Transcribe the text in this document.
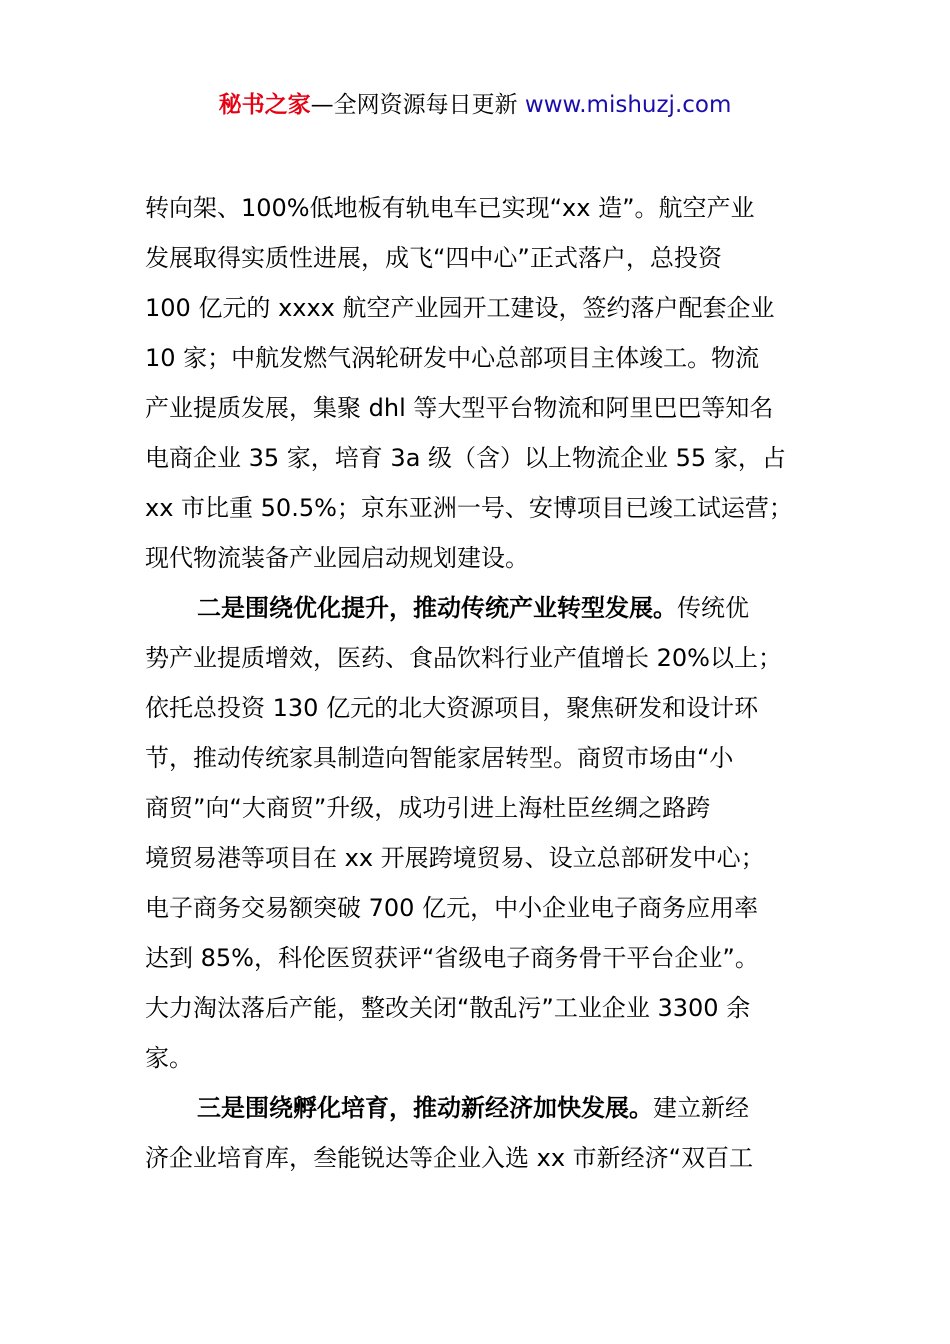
秘书之家—全网资源每日更新 www.mishuzj.com
转向架、100%低地板有轨电车已实现“xx 造”。航空产业
发展取得实质性进展，成飞“四中心”正式落户，总投资
100 亿元的 xxxx 航空产业园开工建设，签约落户配套企业
10 家；中航发燃气涡轮研发中心总部项目主体竣工。物流
产业提质发展，集聚 dhl 等大型平台物流和阿里巴巴等知名
电商企业 35 家，培育 3a 级（含）以上物流企业 55 家，占
xx 市比重 50.5%；京东亚洲一号、安博项目已竣工试运营；
现代物流装备产业园启动规划建设。
二是围绕优化提升，推动传统产业转型发展。传统优
势产业提质增效，医药、食品饮料行业产值增长 20%以上；
依托总投资 130 亿元的北大资源项目，聚焦研发和设计环
节，推动传统家具制造向智能家居转型。商贸市场由“小
商贸”向“大商贸”升级，成功引进上海杜臣丝绸之路跨
境贸易港等项目在 xx 开展跨境贸易、设立总部研发中心；
电子商务交易额突破 700 亿元，中小企业电子商务应用率
达到 85%，科伦医贸获评“省级电子商务骨干平台企业”。
大力淘汰落后产能，整改关闭“散乱污”工业企业 3300 余
家。
三是围绕孵化培育，推动新经济加快发展。建立新经
济企业培育库，叁能锐达等企业入选 xx 市新经济“双百工
